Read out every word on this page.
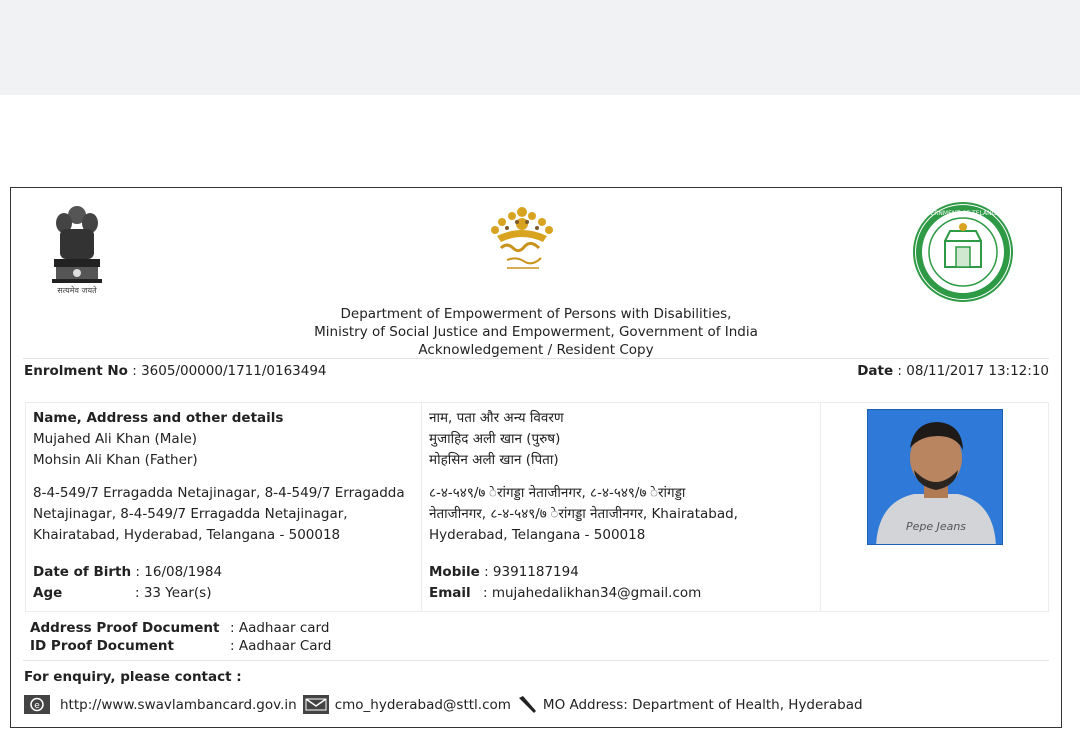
सत्यमेव जयते
GOVERNMENT OF TELANGANA
Department of Empowerment of Persons with Disabilities,
Ministry of Social Justice and Empowerment, Government of India
Acknowledgement / Resident Copy
Enrolment No : 3605/00000/1711/0163494	Date : 08/11/2017 13:12:10
Name, Address and other details
Mujahed Ali Khan (Male)
Mohsin Ali Khan (Father)
8-4-549/7 Erragadda Netajinagar, 8-4-549/7 Erragadda
Netajinagar, 8-4-549/7 Erragadda Netajinagar,
Khairatabad, Hyderabad, Telangana - 500018
Date of Birth : 16/08/1984
Age	: 33 Year(s)
नाम, पता और अन्य विवरण
मुजाहिद अली खान (पुरुष)
मोहसिन अली खान (पिता)
८-४-५४९/७ ेरांगड्डा नेताजीनगर, ८-४-५४९/७ ेरांगड्डा
नेताजीनगर, ८-४-५४९/७ ेरांगड्डा नेताजीनगर, Khairatabad,
Hyderabad, Telangana - 500018
Mobile : 9391187194
Email : mujahedalikhan34@gmail.com
Pepe Jeans
Address Proof Document : Aadhaar card
ID Proof Document	: Aadhaar Card
For enquiry, please contact :
e http://www.swavlambancard.gov.in	cmo_hyderabad@sttl.com MO Address: Department of Health, Hyderabad
